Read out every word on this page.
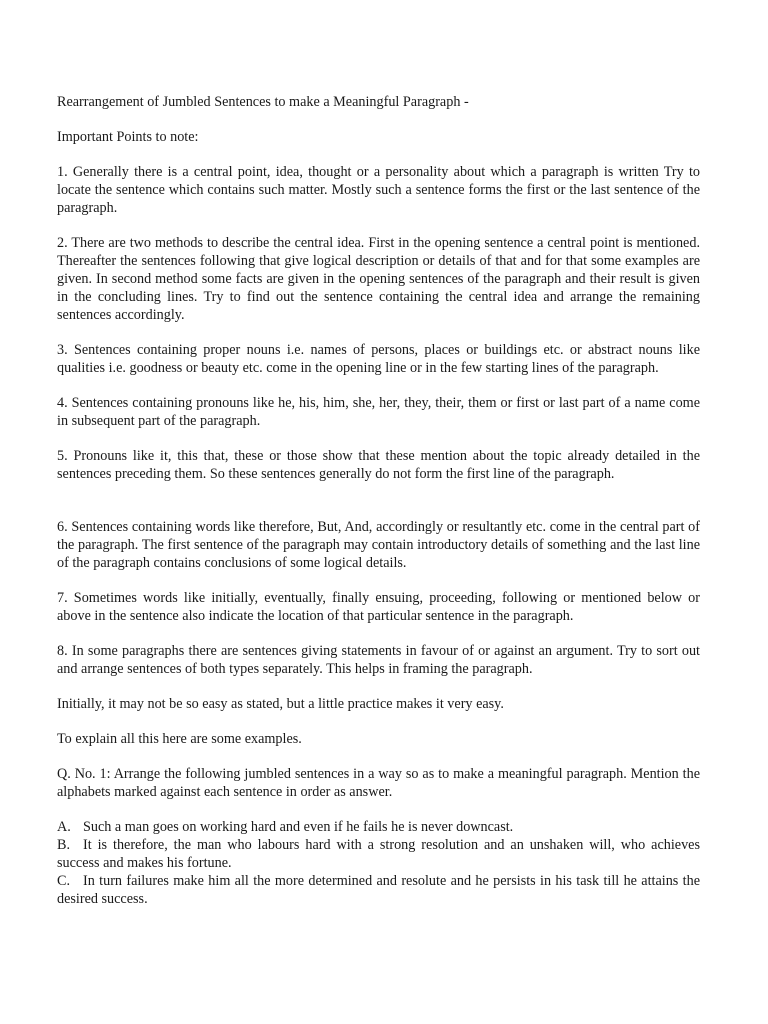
Rearrangement of Jumbled Sentences to make a Meaningful Paragraph -

Important Points to note:

1. Generally there is a central point, idea, thought or a personality about which a paragraph is written Try to locate the sentence which contains such matter. Mostly such a sentence forms the first or the last sentence of the paragraph.

2. There are two methods to describe the central idea. First in the opening sentence a central point is mentioned. Thereafter the sentences following that give logical description or details of that and for that some examples are given. In second method some facts are given in the opening sentences of the paragraph and their result is given in the concluding lines. Try to find out the sentence containing the central idea and arrange the remaining sentences accordingly.

3. Sentences containing proper nouns i.e. names of persons, places or buildings etc. or abstract nouns like qualities i.e. goodness or beauty etc. come in the opening line or in the few starting lines of the paragraph.

4. Sentences containing pronouns like he, his, him, she, her, they, their, them or first or last part of a name come in subsequent part of the paragraph.

5. Pronouns like it, this that, these or those show that these mention about the topic already detailed in the sentences preceding them. So these sentences generally do not form the first line of the paragraph.

6. Sentences containing words like therefore, But, And, accordingly or resultantly etc. come in the central part of the paragraph. The first sentence of the paragraph may contain introductory details of something and the last line of the paragraph contains conclusions of some logical details.

7. Sometimes words like initially, eventually, finally ensuing, proceeding, following or mentioned below or above in the sentence also indicate the location of that particular sentence in the paragraph.

8. In some paragraphs there are sentences giving statements in favour of or against an argument. Try to sort out and arrange sentences of both types separately. This helps in framing the paragraph.

Initially, it may not be so easy as stated, but a little practice makes it very easy.

To explain all this here are some examples.

Q. No. 1: Arrange the following jumbled sentences in a way so as to make a meaningful paragraph. Mention the alphabets marked against each sentence in order as answer.

A. Such a man goes on working hard and even if he fails he is never downcast.

B. It is therefore, the man who labours hard with a strong resolution and an unshaken will, who achieves success and makes his fortune.

C. In turn failures make him all the more determined and resolute and he persists in his task till he attains the desired success.
